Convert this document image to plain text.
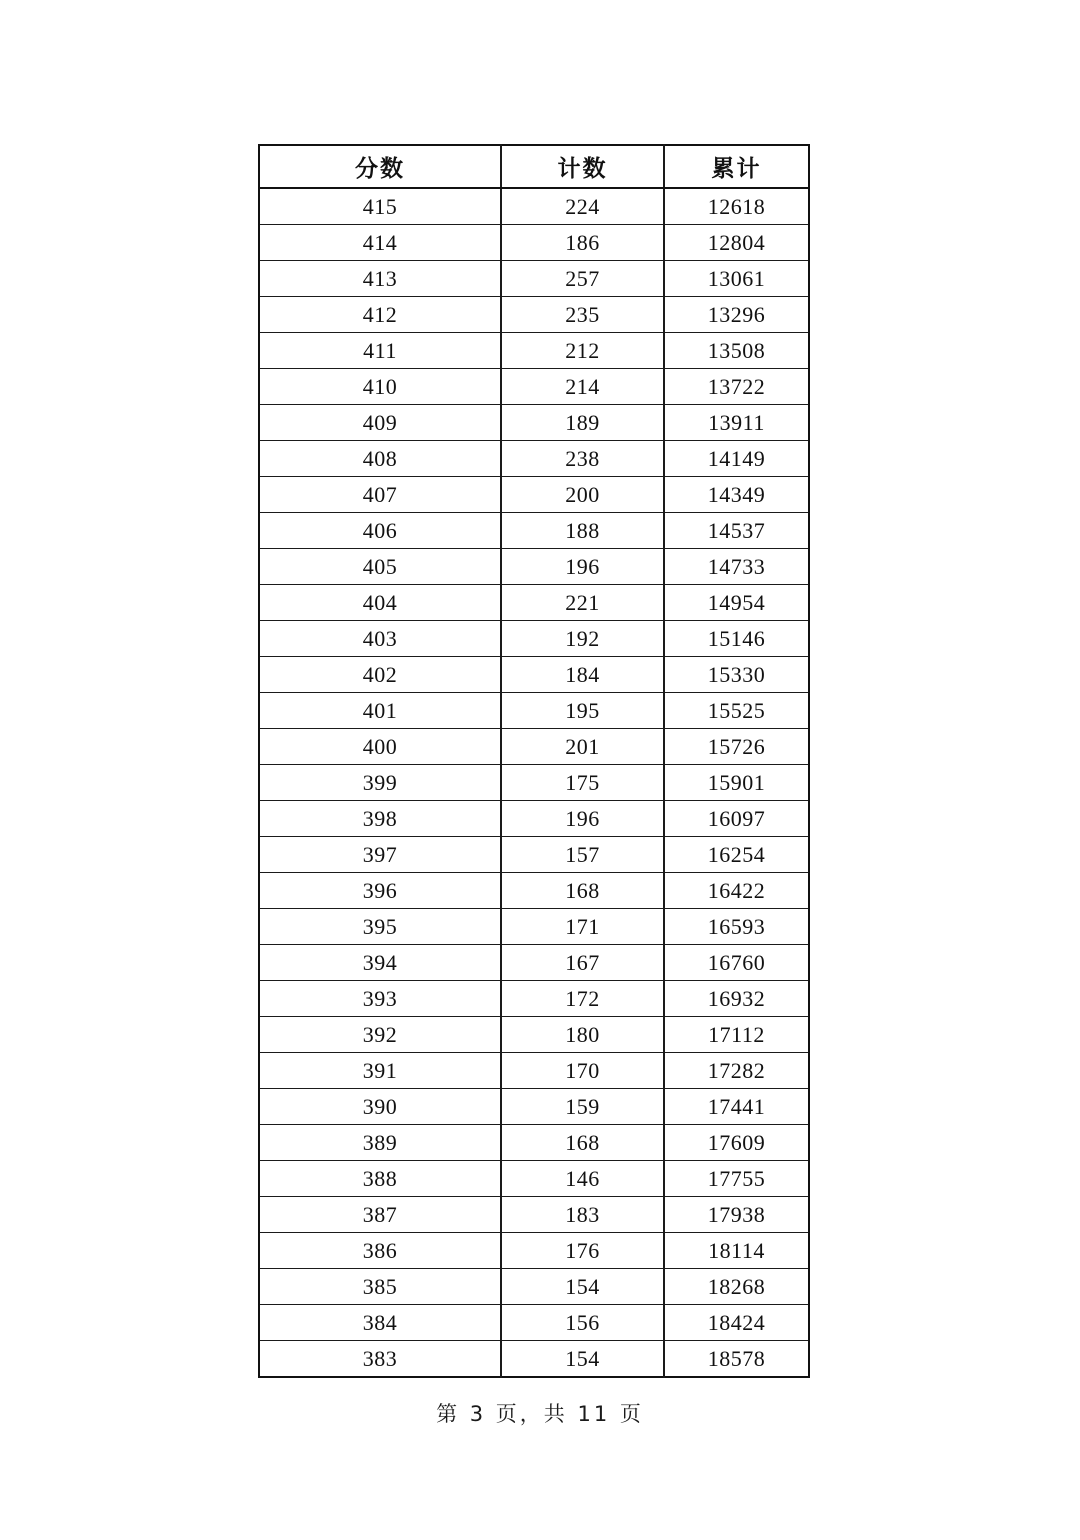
分数	计数	累计
415	224	12618
414	186	12804
413	257	13061
412	235	13296
411	212	13508
410	214	13722
409	189	13911
408	238	14149
407	200	14349
406	188	14537
405	196	14733
404	221	14954
403	192	15146
402	184	15330
401	195	15525
400	201	15726
399	175	15901
398	196	16097
397	157	16254
396	168	16422
395	171	16593
394	167	16760
393	172	16932
392	180	17112
391	170	17282
390	159	17441
389	168	17609
388	146	17755
387	183	17938
386	176	18114
385	154	18268
384	156	18424
383	154	18578
第 3 页，共 11 页
